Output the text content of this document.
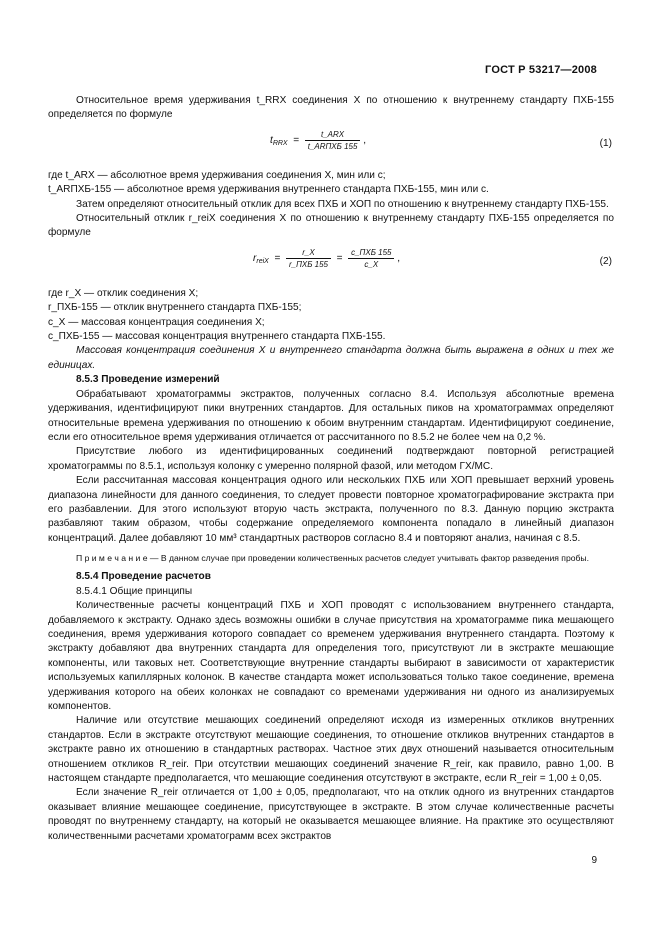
ГОСТ Р 53217—2008

Относительное время удерживания t_RRX соединения X по отношению к внутреннему стандарту ПХБ-155 определяется по формуле

$t_{RRX} = \frac{\text{t\_ARX}}{\text{t\_ARПХБ 155}}$ ,	(1)
где t_ARX — абсолютное время удерживания соединения X, мин или с;
t_ARПХБ-155 — абсолютное время удерживания внутреннего стандарта ПХБ-155, мин или с.

Затем определяют относительный отклик для всех ПХБ и ХОП по отношению к внутреннему стандарту ПХБ-155.

Относительный отклик r_reiX соединения X по отношению к внутреннему стандарту ПХБ-155 определяется по формуле

$r_{reiX} = \frac{r\_X}{\text{r\_ПХБ 155}} = \frac{\text{c\_ПХБ 155}}{c\_X}$ ,	(2)
где r_X — отклик соединения X;
r_ПХБ-155 — отклик внутреннего стандарта ПХБ-155;
c_X — массовая концентрация соединения X;
c_ПХБ-155 — массовая концентрация внутреннего стандарта ПХБ-155.

Массовая концентрация соединения X и внутреннего стандарта должна быть выражена в одних и тех же единицах.

8.5.3 Проведение измерений

Обрабатывают хроматограммы экстрактов, полученных согласно 8.4. Используя абсолютные времена удерживания, идентифицируют пики внутренних стандартов. Для остальных пиков на хроматограммах определяют относительные времена удерживания по отношению к обоим внутренним стандартам. Идентифицируют соединение, если его относительное время удерживания отличается от рассчитанного по 8.5.2 не более чем на 0,2 %.

Присутствие любого из идентифицированных соединений подтверждают повторной регистрацией хроматограммы по 8.5.1, используя колонку с умеренно полярной фазой, или методом ГХ/МС.

Если рассчитанная массовая концентрация одного или нескольких ПХБ или ХОП превышает верхний уровень диапазона линейности для данного соединения, то следует провести повторное хроматографирование экстракта при его разбавлении. Для этого используют вторую часть экстракта, полученного по 8.3. Данную порцию экстракта разбавляют таким образом, чтобы содержание определяемого компонента попадало в линейный диапазон концентраций. Далее добавляют 10 мм³ стандартных растворов согласно 8.4 и повторяют анализ, начиная с 8.5.

П р и м е ч а н и е — В данном случае при проведении количественных расчетов следует учитывать фактор разведения пробы.

8.5.4 Проведение расчетов
8.5.4.1 Общие принципы

Количественные расчеты концентраций ПХБ и ХОП проводят с использованием внутреннего стандарта, добавляемого к экстракту. Однако здесь возможны ошибки в случае присутствия на хроматограмме пика мешающего соединения, время удерживания которого совпадает со временем удерживания внутреннего стандарта. Поэтому к экстракту добавляют два внутренних стандарта для определения того, присутствуют ли в экстракте мешающие компоненты, или таковых нет. Соответствующие внутренние стандарты выбирают в зависимости от характеристик используемых капиллярных колонок. В качестве стандарта может использоваться только такое соединение, времена удерживания которого на обеих колонках не совпадают со временами удерживания ни одного из анализируемых компонентов.

Наличие или отсутствие мешающих соединений определяют исходя из измеренных откликов внутренних стандартов. Если в экстракте отсутствуют мешающие соединения, то отношение откликов внутренних стандартов в экстракте равно их отношению в стандартных растворах. Частное этих двух отношений называется относительным отношением откликов R_reir. При отсутствии мешающих соединений значение R_reir, как правило, равно 1,00. В настоящем стандарте предполагается, что мешающие соединения отсутствуют в экстракте, если R_reir = 1,00 ± 0,05.

Если значение R_reir отличается от 1,00 ± 0,05, предполагают, что на отклик одного из внутренних стандартов оказывает влияние мешающее соединение, присутствующее в экстракте. В этом случае количественные расчеты проводят по внутреннему стандарту, на который не оказывается мешающее влияние. На практике это осуществляют количественными расчетами хроматограмм всех экстрактов

9
